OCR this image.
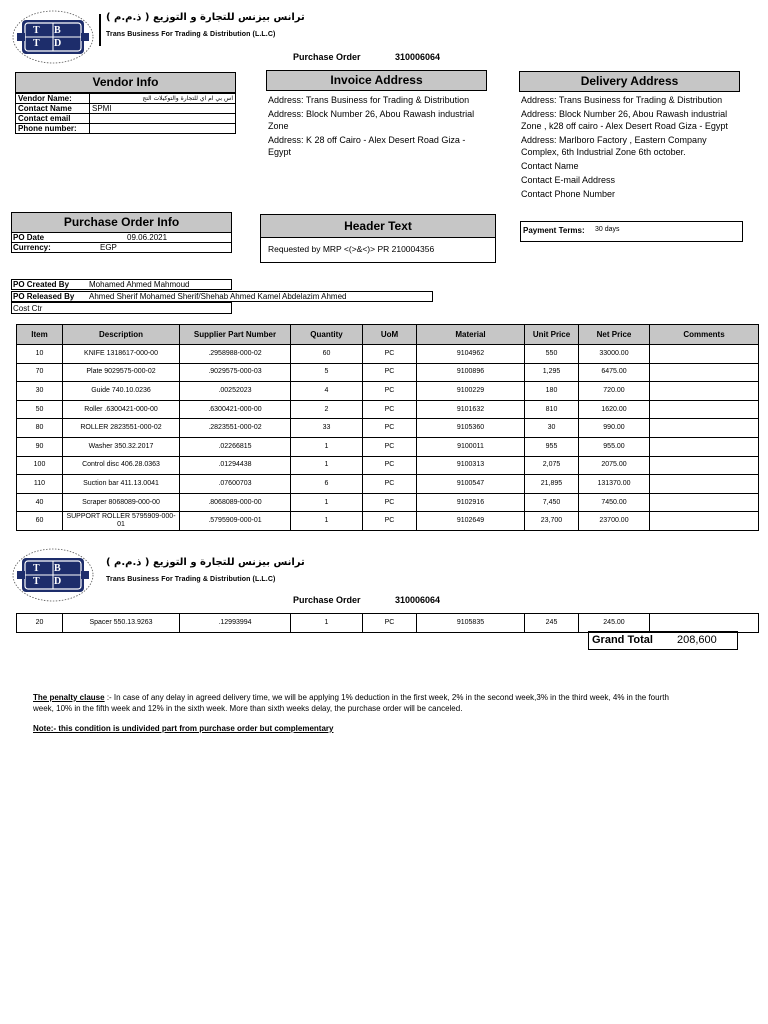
T B T D
ترانس بيزنس للتجارة و التوزيع ( ذ.م.م )
Trans Business For Trading & Distribution (L.L.C)
Purchase Order	310006064
Vendor Info
Vendor Name:	اس بي ام اي للتجارة والتوكيلات التج
Contact Name	SPMI
Contact email	
Phone number:	
Invoice Address

Address: Trans Business for Trading & Distribution

Address: Block Number 26, Abou Rawash industrial Zone

Address: K 28 off Cairo - Alex Desert Road Giza - Egypt

Delivery Address

Address: Trans Business for Trading & Distribution

Address: Block Number 26, Abou Rawash industrial Zone , k28 off cairo - Alex Desert Road Giza - Egypt

Address: Marlboro Factory , Eastern Company Complex, 6th Industrial Zone 6th october.

Contact Name

Contact E-mail Address

Contact Phone Number

Purchase Order Info
PO Date	09.06.2021
Currency:	EGP
Header Text
Requested by MRP <(>&<)> PR 210004356
Payment Terms: 30 days
PO Created By Mohamed Ahmed Mahmoud
PO Released By Ahmed Sherif Mohamed Sherif/Shehab Ahmed Kamel Abdelazim Ahmed
Cost Ctr
Item	Description	Supplier Part Number	Quantity	UoM	Material	Unit Price	Net Price	Comments
10	KNIFE 1318617-000-00	.2958988-000-02	60	PC	9104962	550	33000.00	
70	Plate 9029575-000-02	.9029575-000-03	5	PC	9100896	1,295	6475.00	
30	Guide 740.10.0236	.00252023	4	PC	9100229	180	720.00	
50	Roller .6300421-000-00	.6300421-000-00	2	PC	9101632	810	1620.00	
80	ROLLER 2823551-000-02	.2823551-000-02	33	PC	9105360	30	990.00	
90	Washer 350.32.2017	.02266815	1	PC	9100011	955	955.00	
100	Control disc 406.28.0363	.01294438	1	PC	9100313	2,075	2075.00	
110	Suction bar 411.13.0041	.07600703	6	PC	9100547	21,895	131370.00	
40	Scraper 8068089-000-00	.8068089-000-00	1	PC	9102916	7,450	7450.00	
60	SUPPORT ROLLER 5795909-000-01	.5795909-000-01	1	PC	9102649	23,700	23700.00	
T B T D
ترانس بيزنس للتجارة و التوزيع ( ذ.م.م )
Trans Business For Trading & Distribution (L.L.C)
Purchase Order	310006064
20	Spacer 550.13.9263	.12993994	1	PC	9105835	245	245.00	
Grand Total 208,600
The penalty clause :- In case of any delay in agreed delivery time, we will be applying 1% deduction in the first week, 2% in the second week,3% in the third week, 4% in the fourth week, 10% in the fifth week and 12% in the sixth week. More than sixth weeks delay, the purchase order will be canceled.
Note:- this condition is undivided part from purchase order but complementary
